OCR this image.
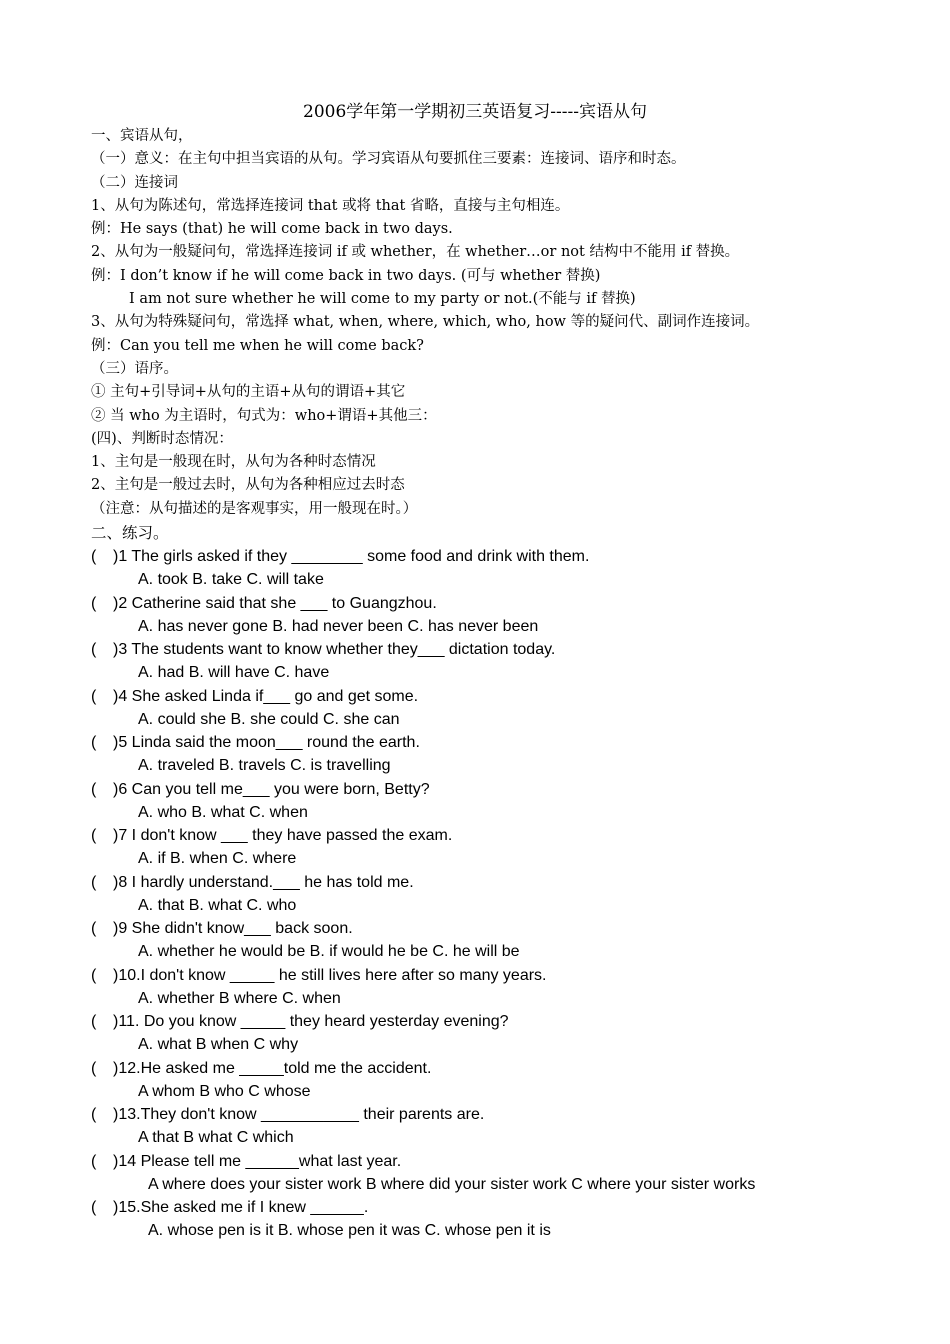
2006学年第一学期初三英语复习-----宾语从句
一、宾语从句，
（一）意义：在主句中担当宾语的从句。学习宾语从句要抓住三要素：连接词、语序和时态。
（二）连接词
1、从句为陈述句，常选择连接词 that 或将 that 省略，直接与主句相连。
例：He says (that) he will come back in two days.
2、从句为一般疑问句，常选择连接词 if 或 whether，在 whether…or not 结构中不能用 if 替换。
例：I don’t know if he will come back in two days. (可与 whether 替换)
I am not sure whether he will come to my party or not.(不能与 if 替换)
3、从句为特殊疑问句，常选择 what, when, where, which, who, how 等的疑问代、副词作连接词。
例：Can you tell me when he will come back?
（三）语序。
① 主句+引导词+从句的主语+从句的谓语+其它
② 当 who 为主语时，句式为：who+谓语+其他三：
(四)、判断时态情况：
1、主句是一般现在时，从句为各种时态情况
2、主句是一般过去时，从句为各种相应过去时态
（注意：从句描述的是客观事实，用一般现在时。）
二、练习。
( )1 The girls asked if they ________ some food and drink with them.
A. took B. take C. will take
( )2 Catherine said that she ___ to Guangzhou.
A. has never gone B. had never been C. has never been
( )3 The students want to know whether they___ dictation today.
A. had B. will have C. have
( )4 She asked Linda if___ go and get some.
A. could she B. she could C. she can
( )5 Linda said the moon___ round the earth.
A. traveled B. travels C. is travelling
( )6 Can you tell me___ you were born, Betty?
A. who B. what C. when
( )7 I don't know ___ they have passed the exam.
A. if B. when C. where
( )8 I hardly understand.___ he has told me.
A. that B. what C. who
( )9 She didn't know___ back soon.
A. whether he would be B. if would he be C. he will be
( )10.I don't know _____ he still lives here after so many years.
A. whether B where C. when
( )11. Do you know _____ they heard yesterday evening?
A. what B when C why
( )12.He asked me _____told me the accident.
A whom B who C whose
( )13.They don't know ___________ their parents are.
A that B what C which
( )14 Please tell me ______what last year.
A where does your sister work B where did your sister work C where your sister works
( )15.She asked me if I knew ______.
A. whose pen is it B. whose pen it was C. whose pen it is
